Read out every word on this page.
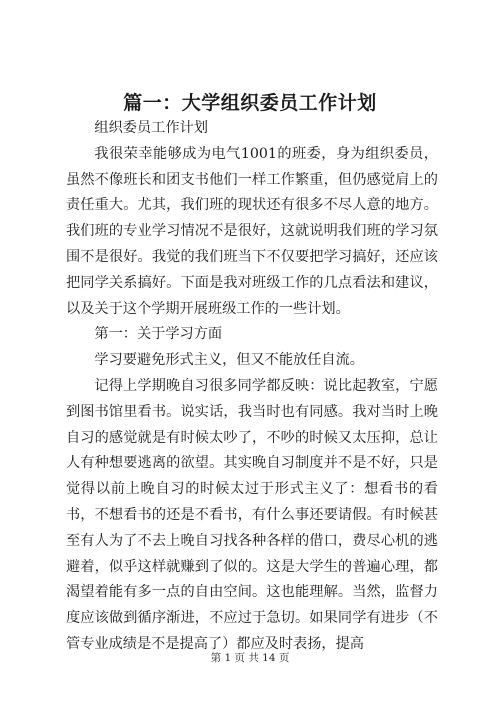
篇一：大学组织委员工作计划

组织委员工作计划

我很荣幸能够成为电气1001的班委，身为组织委员，虽然不像班长和团支书他们一样工作繁重，但仍感觉肩上的责任重大。尤其，我们班的现状还有很多不尽人意的地方。我们班的专业学习情况不是很好，这就说明我们班的学习氛围不是很好。我觉的我们班当下不仅要把学习搞好，还应该把同学关系搞好。下面是我对班级工作的几点看法和建议，以及关于这个学期开展班级工作的一些计划。

第一：关于学习方面

学习要避免形式主义，但又不能放任自流。

记得上学期晚自习很多同学都反映：说比起教室，宁愿到图书馆里看书。说实话，我当时也有同感。我对当时上晚自习的感觉就是有时候太吵了，不吵的时候又太压抑，总让人有种想要逃离的欲望。其实晚自习制度并不是不好，只是觉得以前上晚自习的时候太过于形式主义了：想看书的看书，不想看书的还是不看书，有什么事还要请假。有时候甚至有人为了不去上晚自习找各种各样的借口，费尽心机的逃避着，似乎这样就赚到了似的。这是大学生的普遍心理，都渴望着能有多一点的自由空间。这也能理解。当然，监督力度应该做到循序渐进，不应过于急切。如果同学有进步（不管专业成绩是不是提高了）都应及时表扬，提高

第 1 页 共 14 页
